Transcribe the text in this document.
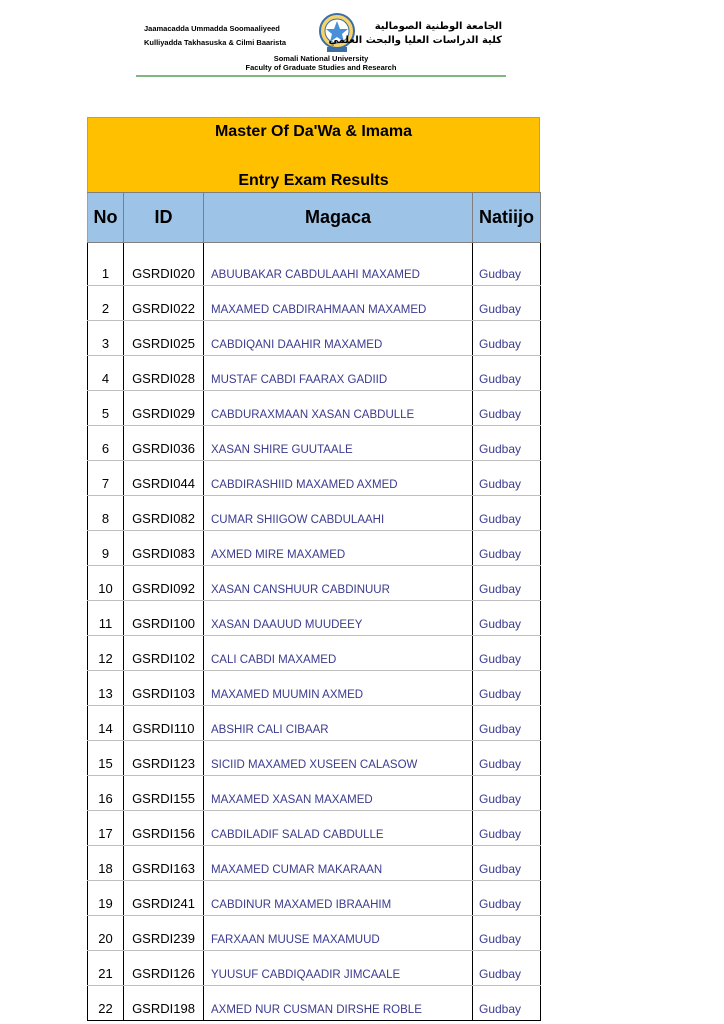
Jaamacadda Ummadda Soomaaliyeed
Kulliyadda Takhasuska & Cilmi Baarista
الجامعة الوطنية الصومالية
كلية الدراسات العليا والبحث العلمي
Somali National University
Faculty of Graduate Studies and Research
Master Of Da'Wa & Imama
Entry Exam Results
No	ID	Magaca	Natiijo

1	GSRDI020	ABUUBAKAR CABDULAAHI MAXAMED	Gudbay
2	GSRDI022	MAXAMED CABDIRAHMAAN MAXAMED	Gudbay
3	GSRDI025	CABDIQANI DAAHIR MAXAMED	Gudbay
4	GSRDI028	MUSTAF CABDI FAARAX GADIID	Gudbay
5	GSRDI029	CABDURAXMAAN XASAN CABDULLE	Gudbay
6	GSRDI036	XASAN SHIRE GUUTAALE	Gudbay
7	GSRDI044	CABDIRASHIID MAXAMED AXMED	Gudbay
8	GSRDI082	CUMAR SHIIGOW CABDULAAHI	Gudbay
9	GSRDI083	AXMED MIRE MAXAMED	Gudbay
10	GSRDI092	XASAN CANSHUUR CABDINUUR	Gudbay
11	GSRDI100	XASAN DAAUUD MUUDEEY	Gudbay
12	GSRDI102	CALI CABDI MAXAMED	Gudbay
13	GSRDI103	MAXAMED MUUMIN AXMED	Gudbay
14	GSRDI110	ABSHIR CALI CIBAAR	Gudbay
15	GSRDI123	SICIID MAXAMED XUSEEN CALASOW	Gudbay
16	GSRDI155	MAXAMED XASAN MAXAMED	Gudbay
17	GSRDI156	CABDILADIF SALAD CABDULLE	Gudbay
18	GSRDI163	MAXAMED CUMAR MAKARAAN	Gudbay
19	GSRDI241	CABDINUR MAXAMED IBRAAHIM	Gudbay
20	GSRDI239	FARXAAN MUUSE MAXAMUUD	Gudbay
21	GSRDI126	YUUSUF CABDIQAADIR JIMCAALE	Gudbay
22	GSRDI198	AXMED NUR CUSMAN DIRSHE ROBLE	Gudbay
